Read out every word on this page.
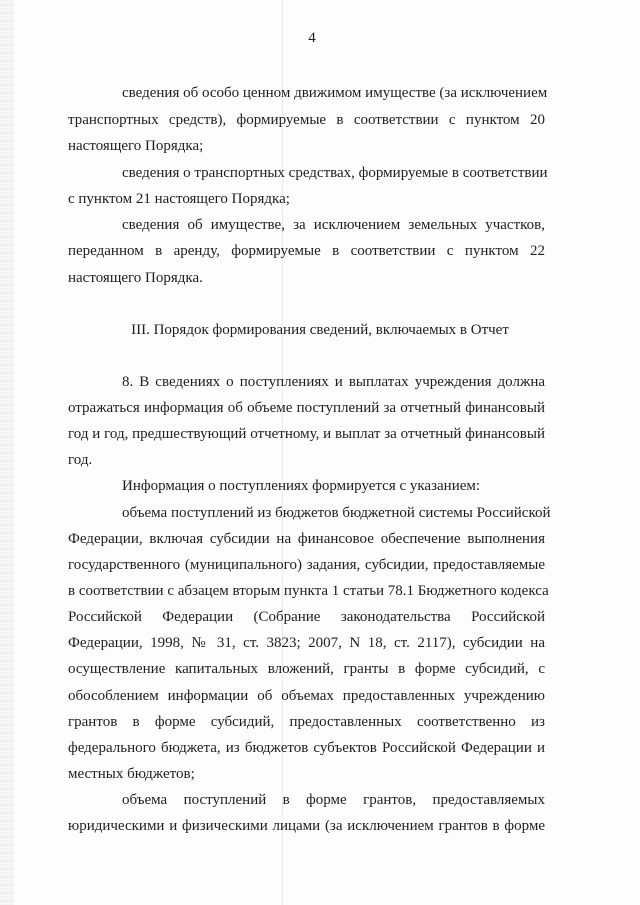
4
сведения об особо ценном движимом имуществе (за исключением
транспортных средств), формируемые в соответствии с пунктом 20
настоящего Порядка;
сведения о транспортных средствах, формируемые в соответствии
с пунктом 21 настоящего Порядка;
сведения об имуществе, за исключением земельных участков,
переданном в аренду, формируемые в соответствии с пунктом 22
настоящего Порядка.
III. Порядок формирования сведений, включаемых в Отчет
8. В сведениях о поступлениях и выплатах учреждения должна
отражаться информация об объеме поступлений за отчетный финансовый
год и год, предшествующий отчетному, и выплат за отчетный финансовый
год.
Информация о поступлениях формируется с указанием:
объема поступлений из бюджетов бюджетной системы Российской
Федерации, включая субсидии на финансовое обеспечение выполнения
государственного (муниципального) задания, субсидии, предоставляемые
в соответствии с абзацем вторым пункта 1 статьи 78.1 Бюджетного кодекса
Российской Федерации (Собрание законодательства Российской
Федерации, 1998, № 31, ст. 3823; 2007, N 18, ст. 2117), субсидии на
осуществление капитальных вложений, гранты в форме субсидий, с
обособлением информации об объемах предоставленных учреждению
грантов в форме субсидий, предоставленных соответственно из
федерального бюджета, из бюджетов субъектов Российской Федерации и
местных бюджетов;
объема поступлений в форме грантов, предоставляемых
юридическими и физическими лицами (за исключением грантов в форме
